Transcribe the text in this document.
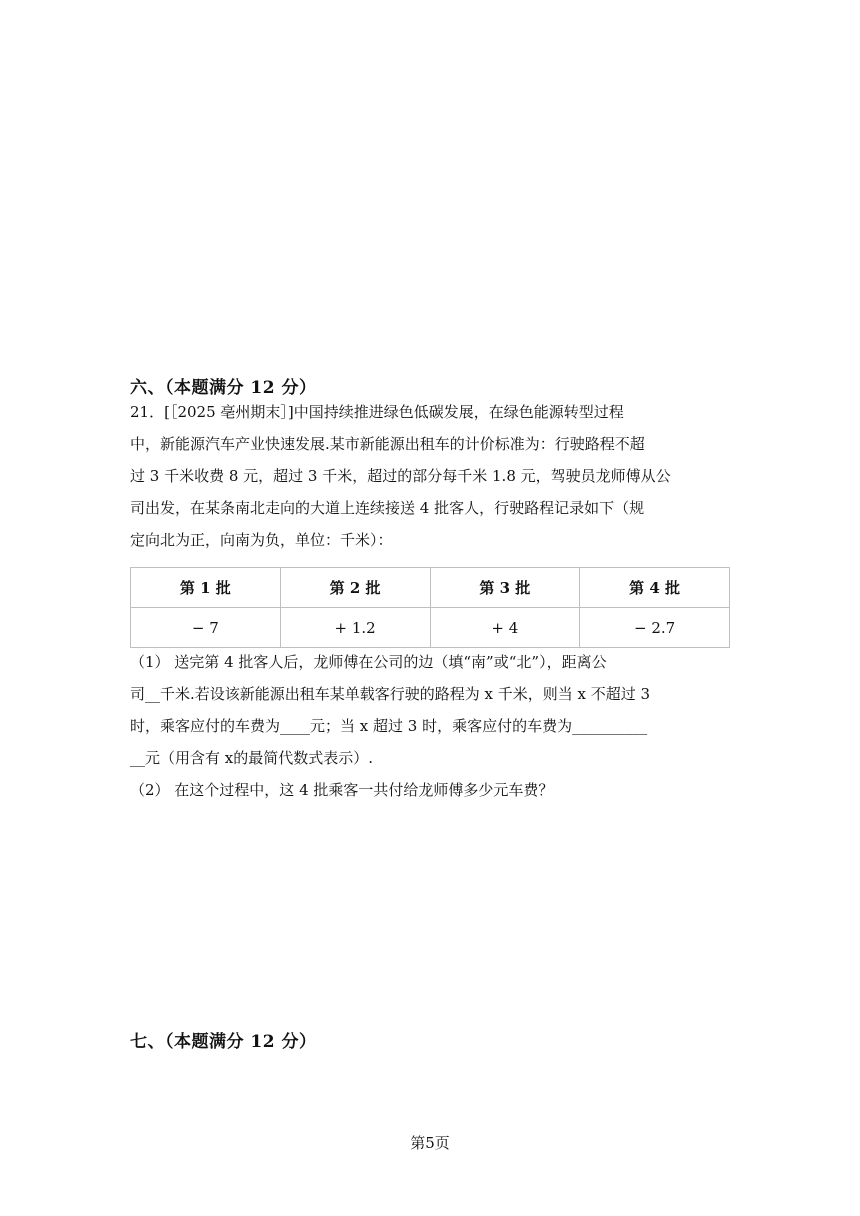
六、（本题满分 12 分）
21．[［2025 亳州期末］]中国持续推进绿色低碳发展，在绿色能源转型过程
中，新能源汽车产业快速发展.某市新能源出租车的计价标准为：行驶路程不超
过 3 千米收费 8 元，超过 3 千米，超过的部分每千米 1.8 元，驾驶员龙师傅从公
司出发，在某条南北走向的大道上连续接送 4 批客人，行驶路程记录如下（规
定向北为正，向南为负，单位：千米）：
第 1 批	第 2 批	第 3 批	第 4 批
− 7	+ 1.2	+ 4	− 2.7
（1） 送完第 4 批客人后，龙师傅在公司的边（填“南”或“北”），距离公
司__千米.若设该新能源出租车某单载客行驶的路程为 x 千米，则当 x 不超过 3
时，乘客应付的车费为____元；当 x 超过 3 时，乘客应付的车费为__________
__元（用含有 x的最简代数式表示）.
（2） 在这个过程中，这 4 批乘客一共付给龙师傅多少元车费？
七、（本题满分 12 分）
第5页
